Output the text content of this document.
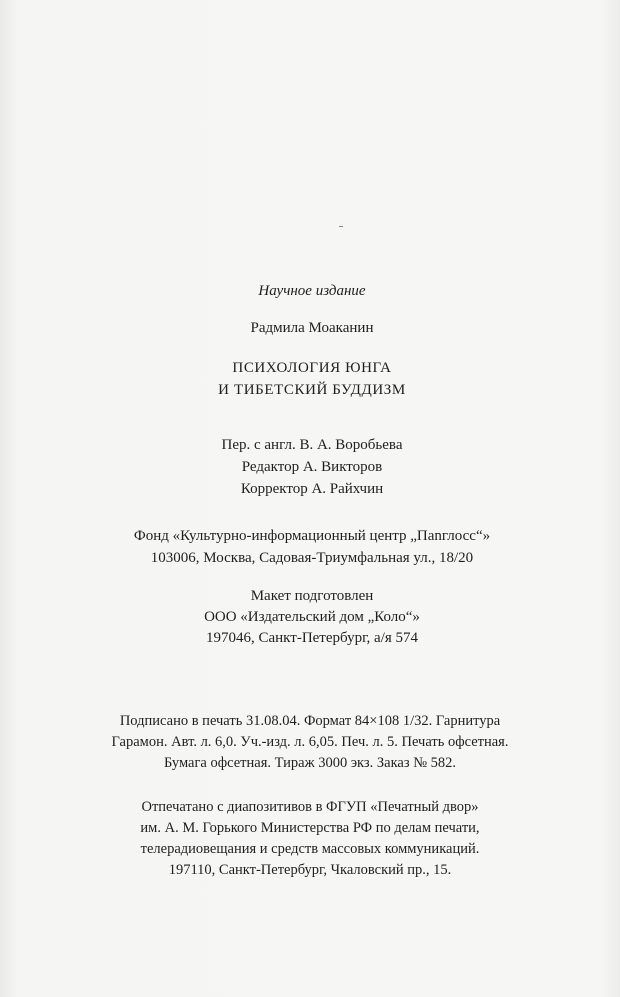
Научное издание
Радмила Моаканин
ПСИХОЛОГИЯ ЮНГА
И ТИБЕТСКИЙ БУДДИЗМ
Пер. с англ. В. А. Воробьева
Редактор А. Викторов
Корректор А. Райхчин
Фонд «Культурно-информационный центр „Пanглосс“»
103006, Москва, Садовая-Триумфальная ул., 18/20
Макет подготовлен
ООО «Издательский дом „Коло“»
197046, Санкт-Петербург, а/я 574
Подписано в печать 31.08.04. Формат 84×108 1/32. Гарнитура
Гарамон. Авт. л. 6,0. Уч.-изд. л. 6,05. Печ. л. 5. Печать офсетная.
Бумага офсетная. Тираж 3000 экз. Заказ № 582.
Отпечатано с диапозитивов в ФГУП «Печатный двор»
им. А. М. Горького Министерства РФ по делам печати,
телерадиовещания и средств массовых коммуникаций.
197110, Санкт-Петербург, Чкаловский пр., 15.
